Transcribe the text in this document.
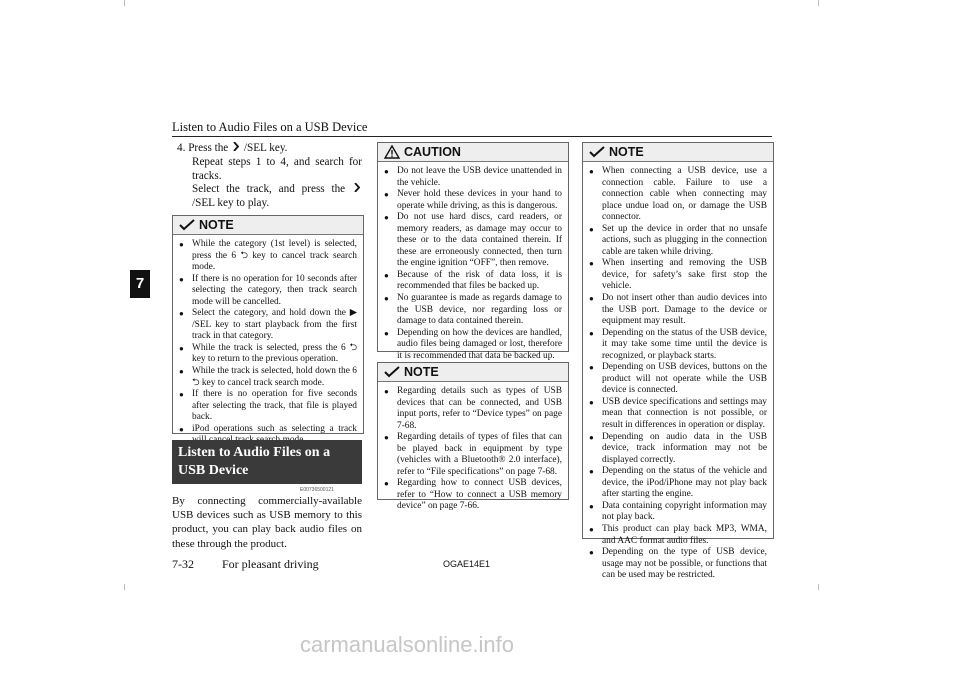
Listen to Audio Files on a USB Device
7
4. Press the /SEL key.
Repeat steps 1 to 4, and search for tracks.
Select the track, and press the  /SEL key to play.
NOTE
● While the category (1st level) is selected, press the 6 ⮌ key to cancel track search mode.
● If there is no operation for 10 seconds after selecting the category, then track search mode will be cancelled.
● Select the category, and hold down the ▶ /SEL key to start playback from the first track in that category.
● While the track is selected, press the 6 ⮌ key to return to the previous operation.
● While the track is selected, hold down the 6 ⮌ key to cancel track search mode.
● If there is no operation for five seconds after selecting the track, that file is played back.
● iPod operations such as selecting a track
Listen to Audio Files on a USB Device
E00736500121
By connecting commercially-available USB devices such as USB memory to this product, you can play back audio files on these through the product.
CAUTION
● Do not leave the USB device unattended in the vehicle.
● Never hold these devices in your hand to operate while driving, as this is dangerous.
● Do not use hard discs, card readers, or memory readers, as damage may occur to these or to the data contained therein. If these are erroneously connected, then turn the engine ignition “OFF”, then remove.
● Because of the risk of data loss, it is recommended that files be backed up.
● No guarantee is made as regards damage to the USB device, nor regarding loss or damage to data contained therein.
● Depending on how the devices are handled, audio files being damaged or lost, therefore it is recommended that data be backed up.
NOTE
● Regarding details such as types of USB devices that can be connected, and USB input ports, refer to “Device types” on page 7-68.
● Regarding details of types of files that can be played back in equipment by type (vehicles with a Bluetooth® 2.0 interface), refer to “File specifications” on page 7-68.
● Regarding how to connect USB devices, refer to “How to connect a USB memory device” on page 7-66.
NOTE
● When connecting a USB device, use a connection cable. Failure to use a connection cable when connecting may place undue load on, or damage the USB connector.
● Set up the device in order that no unsafe actions, such as plugging in the connection cable are taken while driving.
● When inserting and removing the USB device, for safety’s sake first stop the vehicle.
● Do not insert other than audio devices into the USB port. Damage to the device or equipment may result.
● Depending on the status of the USB device, it may take some time until the device is recognized, or playback starts.
● Depending on USB devices, buttons on the product will not operate while the USB device is connected.
● USB device specifications and settings may mean that connection is not possible, or result in differences in operation or display.
● Depending on audio data in the USB device, track information may not be displayed correctly.
● Depending on the status of the vehicle and device, the iPod/iPhone may not play back after starting the engine.
● Data containing copyright information may not play back.
● This product can play back MP3, WMA, and AAC format audio files.
● Depending on the type of USB device, usage may not be possible, or functions that can be used may be restricted.
7-32 For pleasant driving	OGAE14E1
carmanualsonline.info
